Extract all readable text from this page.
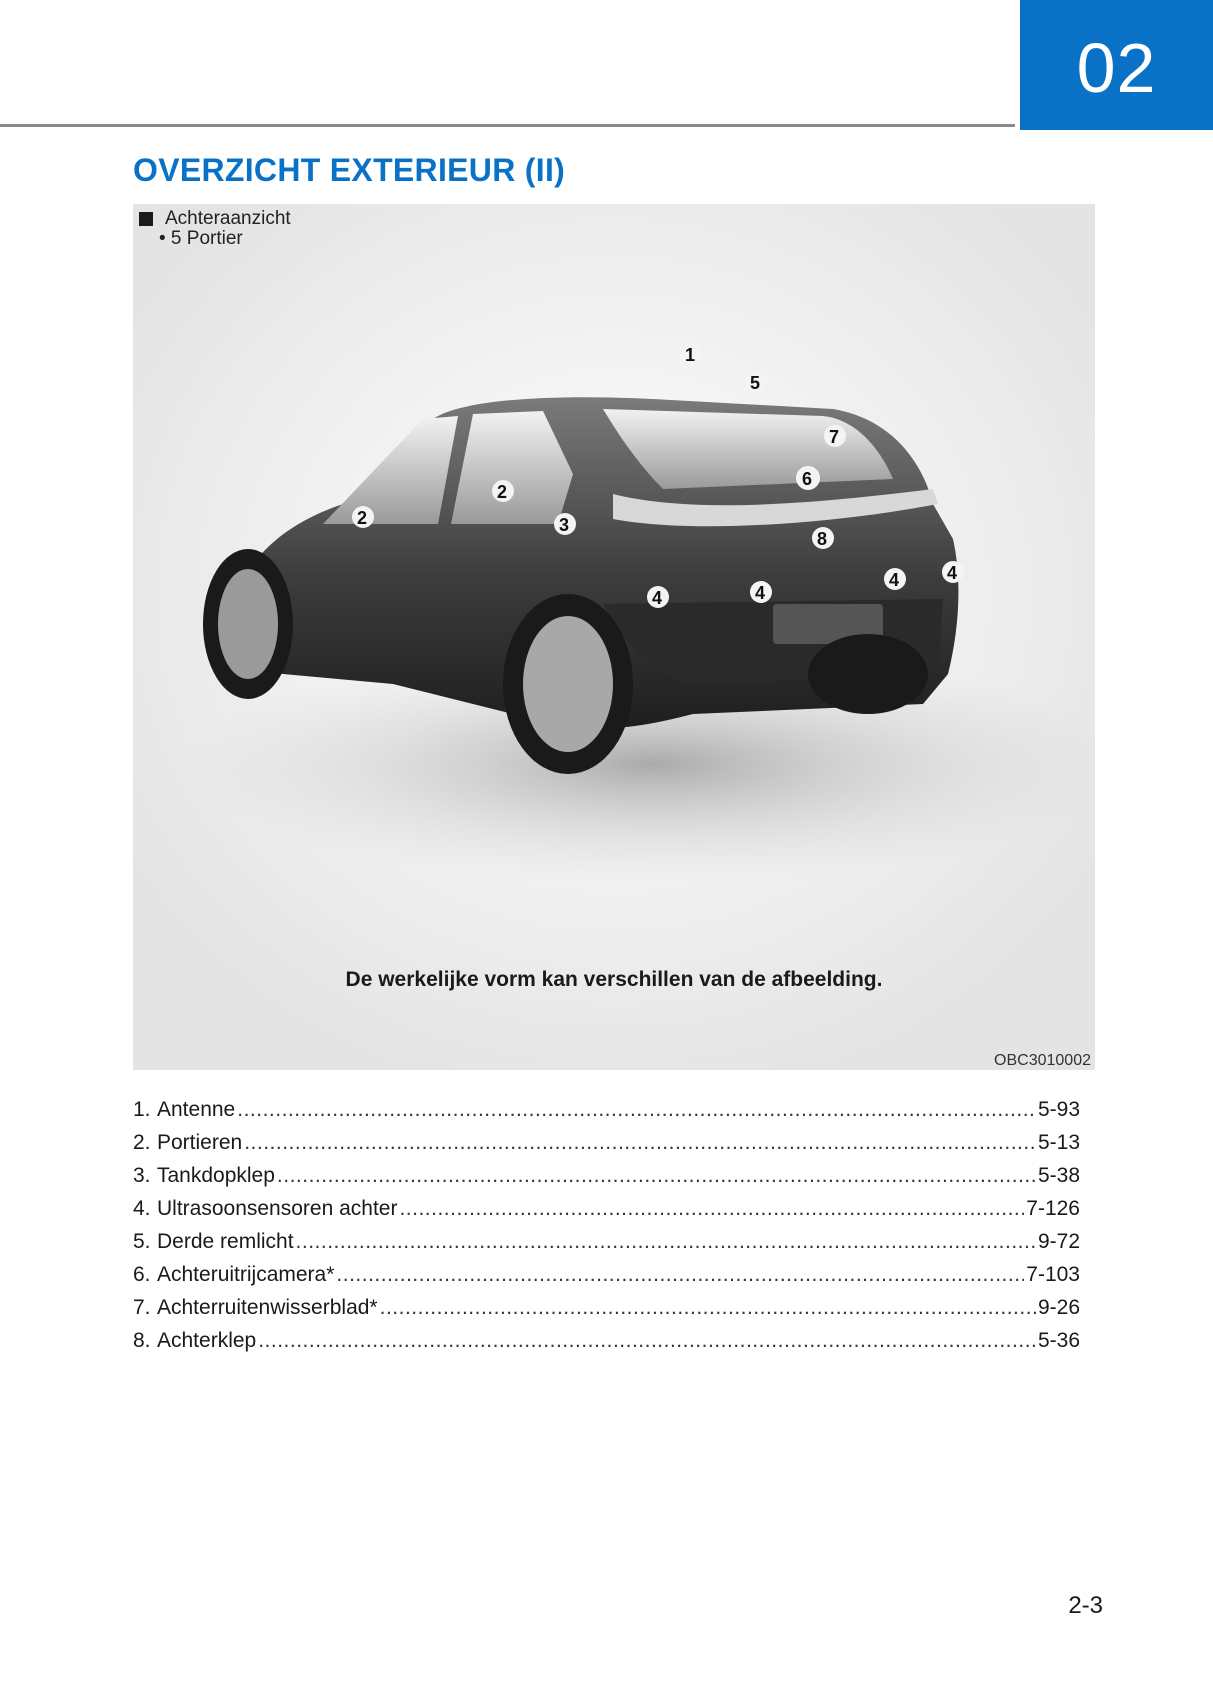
02
OVERZICHT EXTERIEUR (II)
1
5
7
6
2
2	3
8
4	4
4	4
Achteraanzicht
• 5 Portier
De werkelijke vorm kan verschillen van de afbeelding.
OBC3010002
1. Antenne .....	5-93
2. Portieren .....	5-13
3. Tankdopklep .....	5-38
4. Ultrasoonsensoren achter .....	7-126
5. Derde remlicht .....	9-72
6. Achteruitrijcamera* .....	7-103
7. Achterruitenwisserblad* .....	9-26
8. Achterklep .....	5-36
2-3
